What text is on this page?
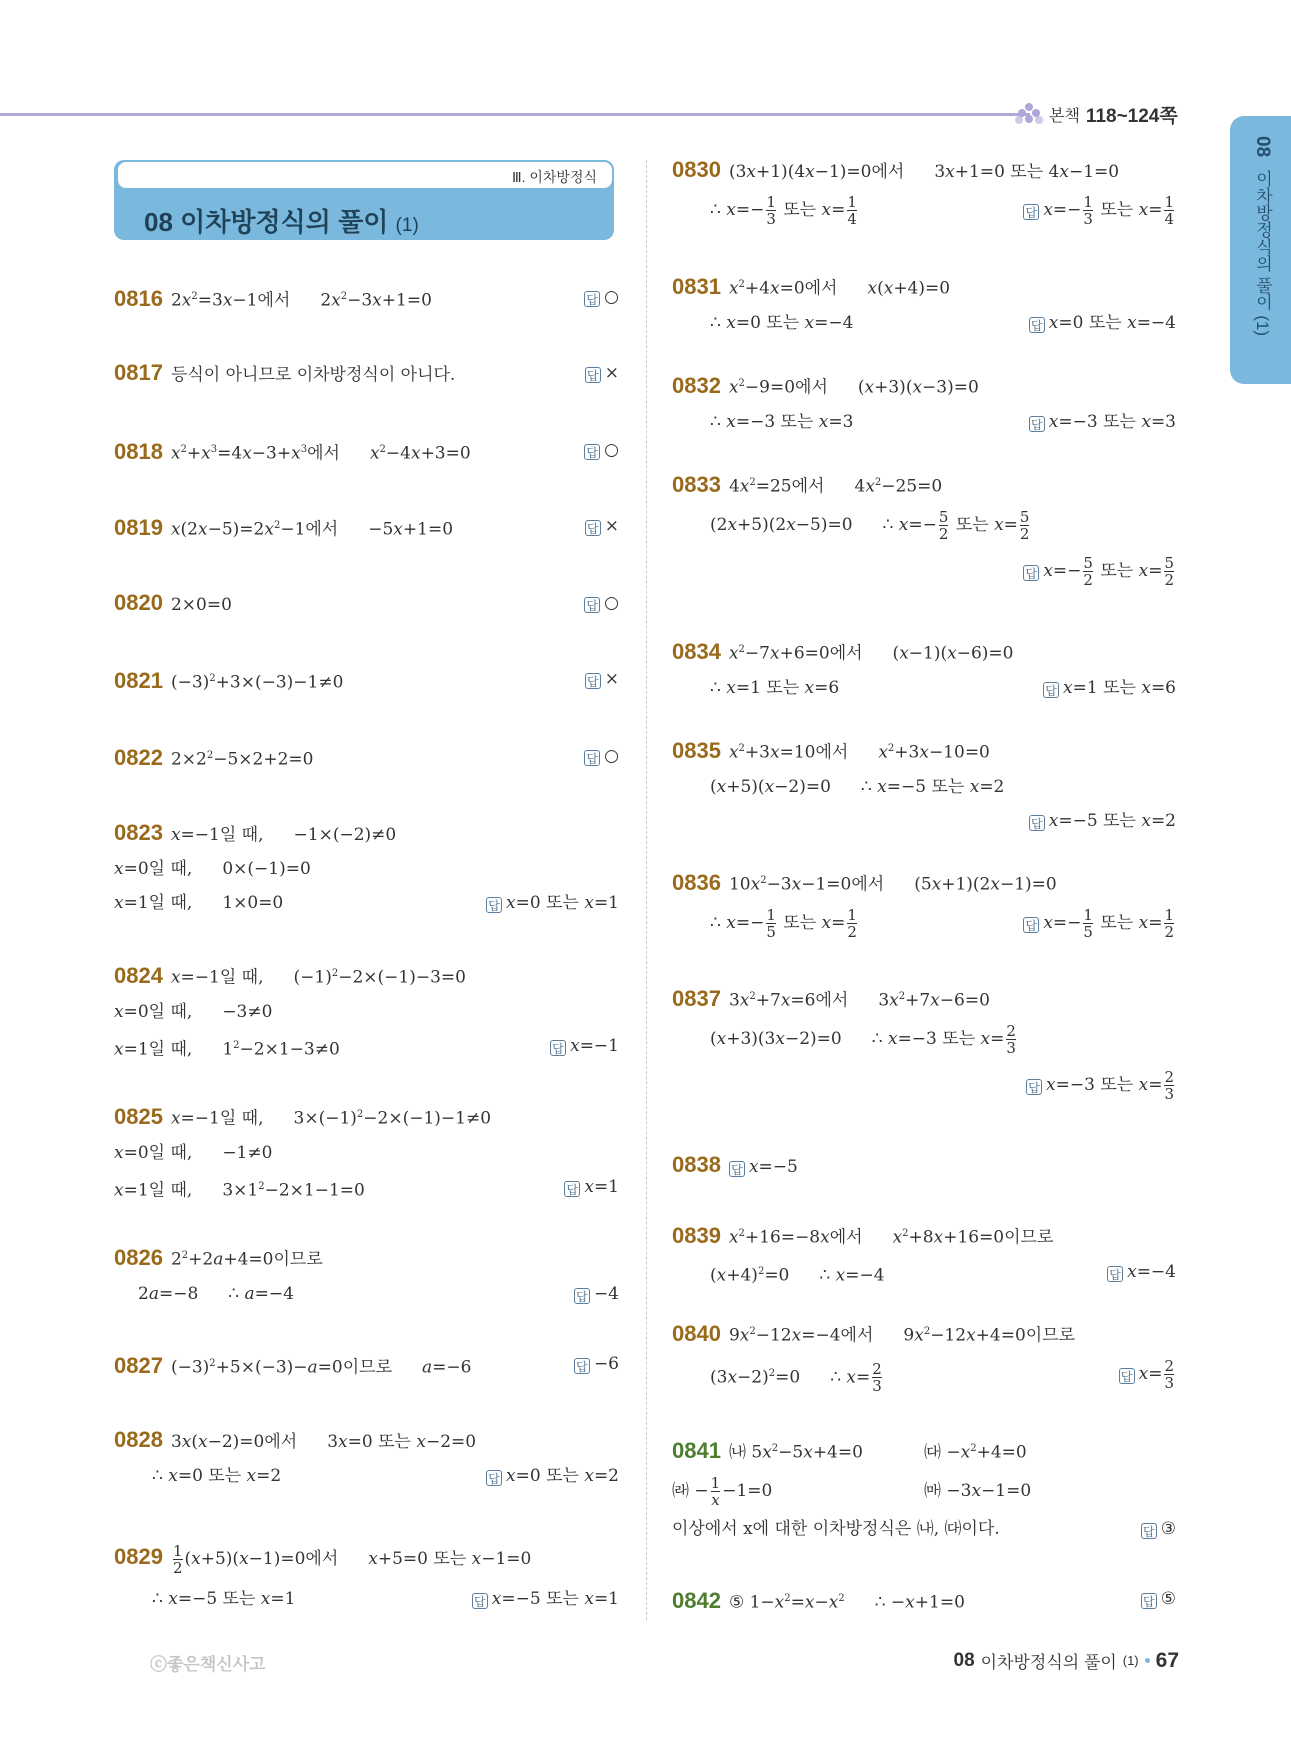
본책 118~124쪽
08 이차방정식의 풀이 (1)
Ⅲ. 이차방정식
08 이차방정식의 풀이 (1)
0816 $2x^2=3x-1$에서 $2x^2-3x+1=0$	답 ○
0817 등식이 아니므로 이차방정식이 아니다.	답 ×
0818 $x^2+x^3=4x-3+x^3$에서 $x^2-4x+3=0$	답 ○
0819 $x(2x-5)=2x^2-1$에서 −5x+1=0	답 ×
0820 2×0=0	답 ○
0821 $(-3)^2+3\times(-3)-1\ne 0$	답 ×
0822 $2\times 2^2-5\times 2+2=0$	답 ○
0823 x=−1일 때, −1×(−2)≠0
x=0일 때, 0×(−1)=0
x=1일 때, 1×0=0	답 x=0 또는 x=1
0824 x=−1일 때, $(-1)^2-2\times(-1)-3=0$
x=0일 때, −3≠0
x=1일 때, $1^2-2\times 1-3\ne 0$	답 x=−1
0825 x=−1일 때, $3\times(-1)^2-2\times(-1)-1\ne 0$
x=0일 때, −1≠0
x=1일 때, $3\times 1^2-2\times 1-1=0$	답 x=1
0826 $2^2+2a+4=0$이므로
2a=−8 ∴ a=−4	답 −4
0827 $(-3)^2+5\times(-3)-a=0$이므로 a=−6	답 −6
0828 3x(x−2)=0에서 3x=0 또는 x−2=0
∴ x=0 또는 x=2	답 x=0 또는 x=2
$0829 \frac{1}{2} (x+5)(x-1)=0$에서 x+5=0 또는 x−1=0
∴ x=−5 또는 x=1	답 x=−5 또는 x=1
0830 (3x+1)(4x−1)=0에서 3x+1=0 또는 4x−1=0
∴ $x=- \frac{1}{3}$ 또는 $x= \frac{1}{4}$	답 $x=- \frac{1}{3}$ 또는 $x= \frac{1}{4}$
0831 $x^2+4x=0$에서 x(x+4)=0
∴ x=0 또는 x=−4	답 x=0 또는 x=−4
0832 $x^2-9=0$에서 (x+3)(x−3)=0
∴ x=−3 또는 x=3	답 x=−3 또는 x=3
0833 $4x^2=25$에서 $4x^2-25=0$
(2x+5)(2x−5)=0 ∴ $x=- \frac{5}{2}$ 또는 $x= \frac{5}{2}$
답 $x=- \frac{5}{2}$ 또는 $x= \frac{5}{2}$
0834 $x^2-7x+6=0$에서 (x−1)(x−6)=0
∴ x=1 또는 x=6	답 x=1 또는 x=6
0835 $x^2+3x=10$에서 $x^2+3x-10=0$
(x+5)(x−2)=0 ∴ x=−5 또는 x=2
답 x=−5 또는 x=2

0836 $10x^2-3x-1=0$에서 (5x+1)(2x−1)=0
∴ $x=- \frac{1}{5}$ 또는 $x= \frac{1}{2}$	답 $x=- \frac{1}{5}$ 또는 $x= \frac{1}{2}$
0837 $3x^2+7x=6$에서 $3x^2+7x-6=0$
(x+3)(3x−2)=0 ∴ x=−3 또는 $x= \frac{2}{3}$
답 x=−3 또는 $x= \frac{2}{3}$
0838 답 x=−5
0839 $x^2+16=-8x$에서 $x^2+8x+16=0$이므로
$(x+4)^2=0$ ∴ x=−4	답 x=−4
0840 $9x^2-12x=-4$에서 $9x^2-12x+4=0$이므로
$(3x-2)^2=0$ ∴ $x= \frac{2}{3}$	답 $x= \frac{2}{3}$
0841 ㈏ $5x^2-5x+4=0$	㈐ $-x^2+4=0$
㈑ − $\frac{1}{x} -1=0$	㈒ −3x−1=0
이상에서 x에 대한 이차방정식은 ㈏, ㈐이다.	답 ③
0842 ⑤ $1-x^2=x-x^2$ ∴ −x+1=0	답 ⑤
ⓒ좋은책신사고	08 이차방정식의 풀이 (1) 67
